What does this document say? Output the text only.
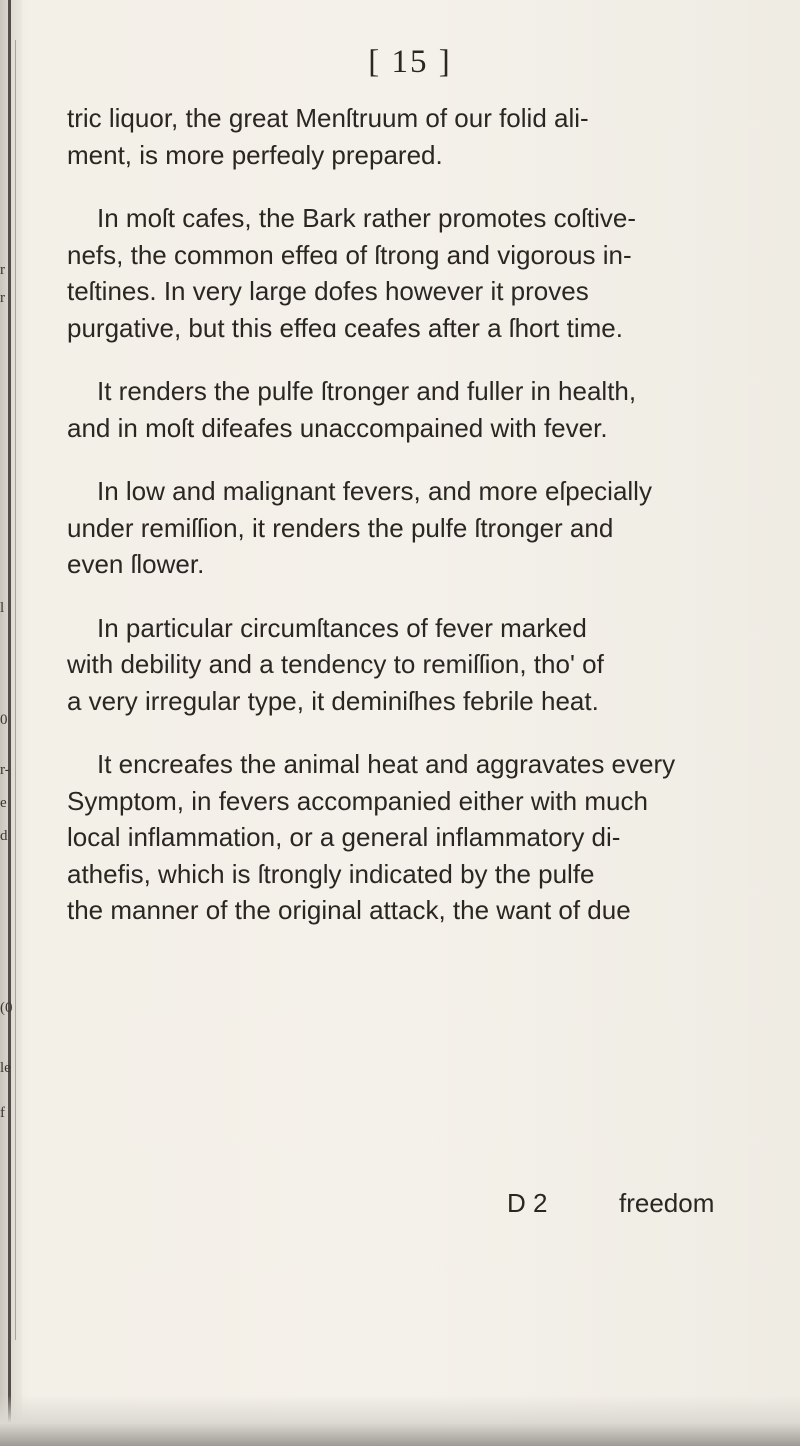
r
r
l
0
r-
e
d
(0
le
f
[ 15 ]
tric liquor, the great Menſtruum of our folid ali-
ment, is more perfeɑly prepared.
In moſt cafes, the Bark rather promotes coſtive-
nefs, the common effeɑ of ſtrong and vigorous in-
teſtines. In very large dofes however it proves
purgative, but this effeɑ ceafes after a ſhort time.
It renders the pulfe ſtronger and fuller in health,
and in moſt difeafes unaccompained with fever.
In low and malignant fevers, and more eſpecially
under remiſſion, it renders the pulfe ſtronger and
even ſlower.
In particular circumſtances of fever marked
with debility and a tendency to remiſſion, tho' of
a very irregular type, it deminiſhes febrile heat.
It encreafes the animal heat and aggravates every
Symptom, in fevers accompanied either with much
local inflammation, or a general inflammatory di-
athefis, which is ſtrongly indicated by the pulfe
the manner of the original attack, the want of due
D 2	freedom
